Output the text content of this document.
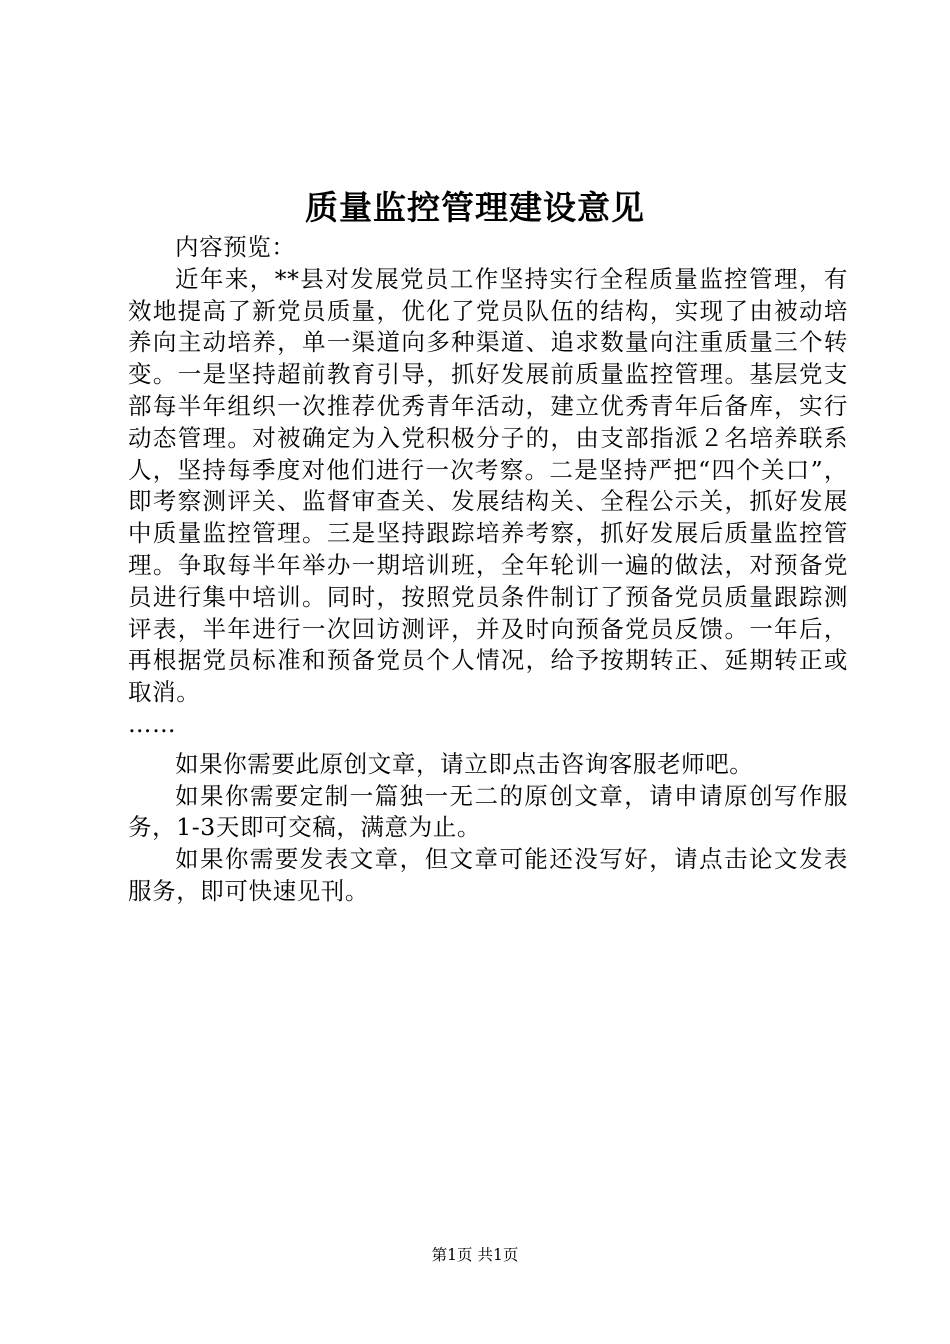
质量监控管理建设意见

内容预览：

近年来，**县对发展党员工作坚持实行全程质量监控管理，有效地提高了新党员质量，优化了党员队伍的结构，实现了由被动培养向主动培养，单一渠道向多种渠道、追求数量向注重质量三个转变。一是坚持超前教育引导，抓好发展前质量监控管理。基层党支部每半年组织一次推荐优秀青年活动，建立优秀青年后备库，实行动态管理。对被确定为入党积极分子的，由支部指派２名培养联系人，坚持每季度对他们进行一次考察。二是坚持严把“四个关口”，即考察测评关、监督审查关、发展结构关、全程公示关，抓好发展中质量监控管理。三是坚持跟踪培养考察，抓好发展后质量监控管理。争取每半年举办一期培训班，全年轮训一遍的做法，对预备党员进行集中培训。同时，按照党员条件制订了预备党员质量跟踪测评表，半年进行一次回访测评，并及时向预备党员反馈。一年后，再根据党员标准和预备党员个人情况，给予按期转正、延期转正或取消。

……

如果你需要此原创文章，请立即点击咨询客服老师吧。

如果你需要定制一篇独一无二的原创文章，请申请原创写作服务，1-3天即可交稿，满意为止。

如果你需要发表文章，但文章可能还没写好，请点击论文发表服务，即可快速见刊。

第1页 共1页
